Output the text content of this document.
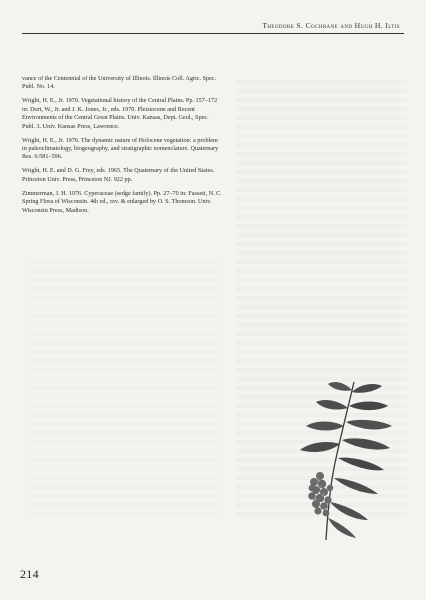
Theodore S. Cochrane and Hugh H. Iltis

vance of the Centennial of the University of Illinois. Illinois Coll. Agric. Spec. Publ. No. 14.

Wright, H. E., Jr. 1970. Vegetational history of the Central Plains. Pp. 157–172 in: Dort, W., Jr. and J. K. Jones, Jr., eds. 1970. Pleistocene and Recent Environments of the Central Great Plains. Univ. Kansas, Dept. Geol., Spec. Publ. 3. Univ. Kansas Press, Lawrence.

Wright, H. E., Jr. 1976. The dynamic nature of Holocene vegetation: a problem in paleoclimatology, biogeography, and stratigraphic nomenclature. Quaternary Res. 6:581–596.

Wright, H. E. and D. G. Frey, eds. 1965. The Quaternary of the United States. Princeton Univ. Press, Princeton NJ. 922 pp.

Zimmerman, J. H. 1976. Cyperaceae (sedge family). Pp. 27–70 in: Fassett, N. C. Spring Flora of Wisconsin. 4th ed., rev. & enlarged by O. S. Thomson. Univ. Wisconsin Press, Madison.

214
